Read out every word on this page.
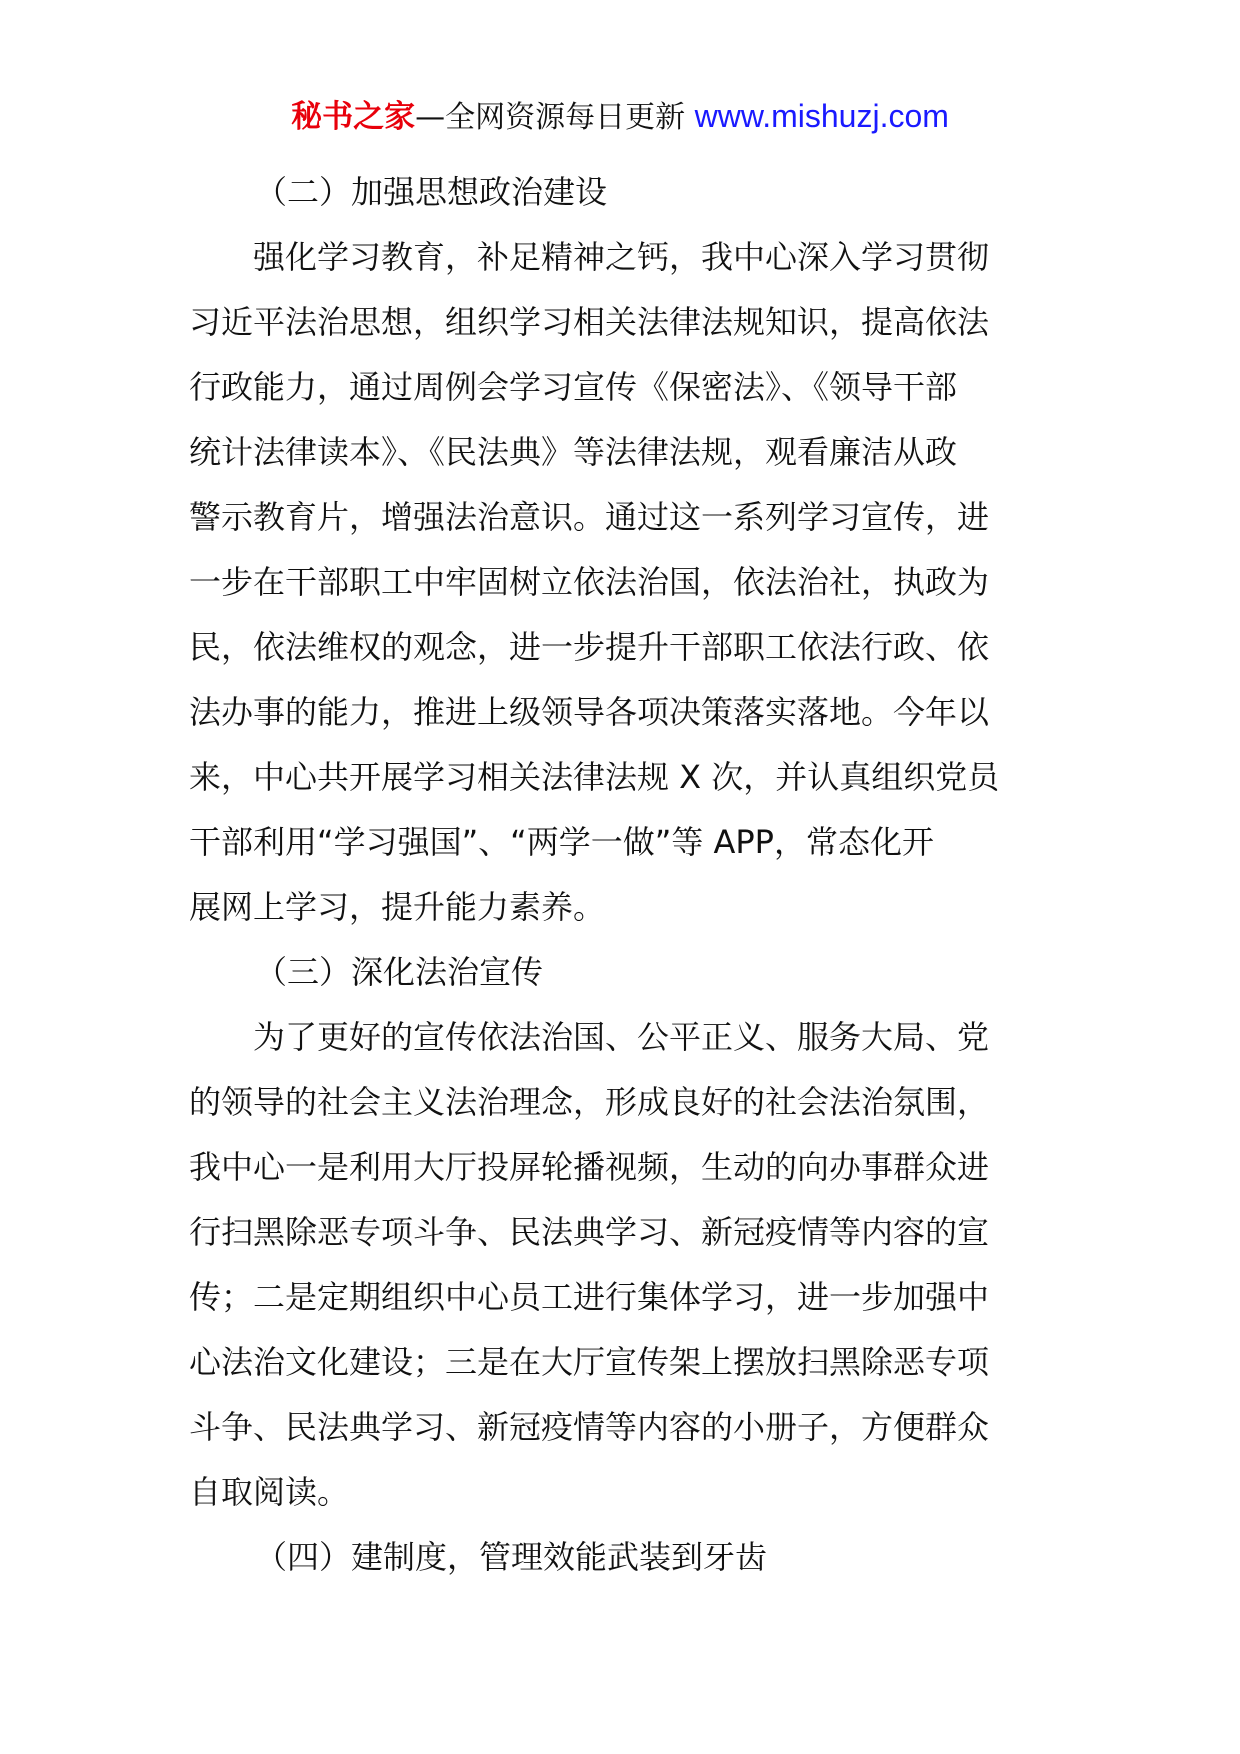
秘书之家—全网资源每日更新 www.mishuzj.com
（二）加强思想政治建设
强化学习教育，补足精神之钙，我中心深入学习贯彻
习近平法治思想，组织学习相关法律法规知识，提高依法
行政能力，通过周例会学习宣传《保密法》、《领导干部
统计法律读本》、《民法典》等法律法规，观看廉洁从政
警示教育片，增强法治意识。通过这一系列学习宣传，进
一步在干部职工中牢固树立依法治国，依法治社，执政为
民，依法维权的观念，进一步提升干部职工依法行政、依
法办事的能力，推进上级领导各项决策落实落地。今年以
来，中心共开展学习相关法律法规 X 次，并认真组织党员
干部利用“学习强国”、“两学一做”等 APP，常态化开
展网上学习，提升能力素养。
（三）深化法治宣传
为了更好的宣传依法治国、公平正义、服务大局、党
的领导的社会主义法治理念，形成良好的社会法治氛围，
我中心一是利用大厅投屏轮播视频，生动的向办事群众进
行扫黑除恶专项斗争、民法典学习、新冠疫情等内容的宣
传；二是定期组织中心员工进行集体学习，进一步加强中
心法治文化建设；三是在大厅宣传架上摆放扫黑除恶专项
斗争、民法典学习、新冠疫情等内容的小册子，方便群众
自取阅读。
（四）建制度，管理效能武装到牙齿
